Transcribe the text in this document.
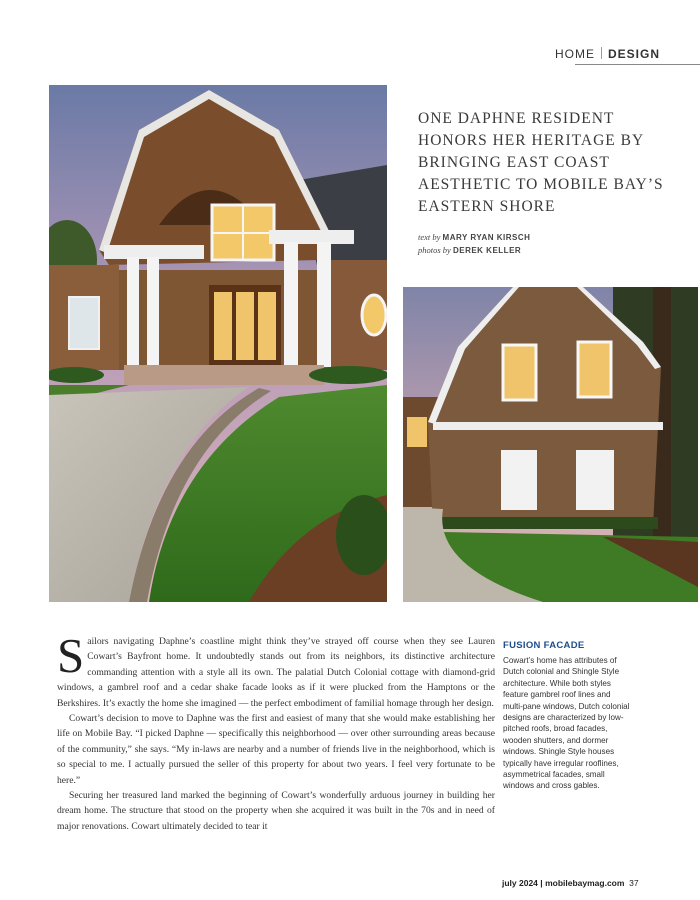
HOME DESIGN
ONE DAPHNE RESIDENT HONORS HER HERITAGE BY BRINGING EAST COAST AESTHETIC TO MOBILE BAY’S EASTERN SHORE
text by MARY RYAN KIRSCH
photos by DEREK KELLER

Sailors navigating Daphne’s coastline might think they’ve strayed off course when they see Lauren Cowart’s Bayfront home. It undoubtedly stands out from its neighbors, its distinctive architecture commanding attention with a style all its own. The palatial Dutch Colonial cottage with diamond-grid windows, a gambrel roof and a cedar shake facade looks as if it were plucked from the Hamptons or the Berkshires. It’s exactly the home she imagined — the perfect embodiment of familial homage through her design.

Cowart’s decision to move to Daphne was the first and easiest of many that she would make establishing her life on Mobile Bay. “I picked Daphne — specifically this neighborhood — over other surrounding areas because of the community,” she says. “My in-laws are nearby and a number of friends live in the neighborhood, which is so special to me. I actually pursued the seller of this property for about two years. I feel very fortunate to be here.”

Securing her treasured land marked the beginning of Cowart’s wonderfully arduous journey in building her dream home. The structure that stood on the property when she acquired it was built in the 70s and in need of major renovations. Cowart ultimately decided to tear it

FUSION FACADE

Cowart’s home has attributes of Dutch colonial and Shingle Style architecture. While both styles feature gambrel roof lines and multi-pane windows, Dutch colonial designs are characterized by low-pitched roofs, broad facades, wooden shutters, and dormer windows. Shingle Style houses typically have irregular rooflines, asymmetrical facades, small windows and cross gables.

july 2024 | mobilebaymag.com 37
